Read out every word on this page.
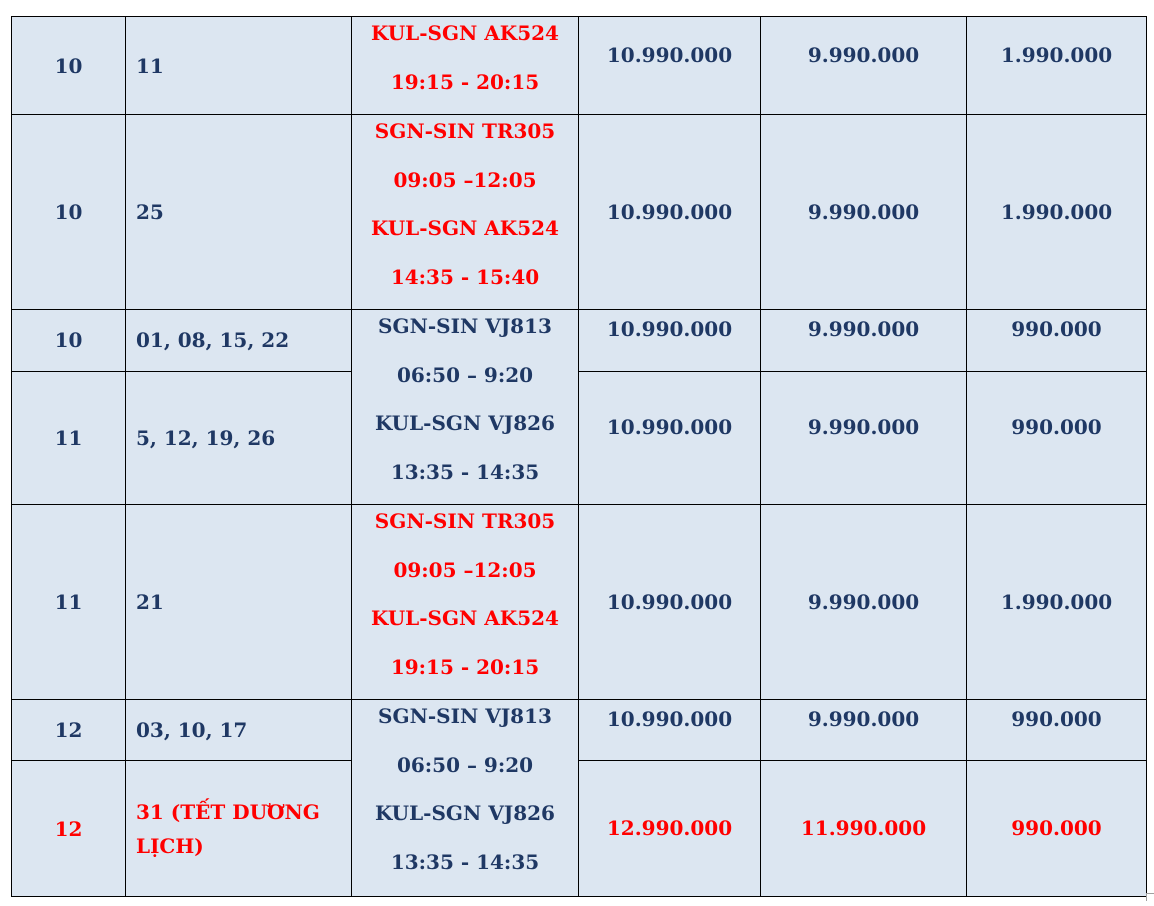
10	11	KUL-SGN AK524
19:15 - 20:15	10.990.000	9.990.000	1.990.000

10	25	SGN-SIN TR305
09:05 –12:05
KUL-SGN AK524
14:35 - 15:40	10.990.000	9.990.000	1.990.000

10	01, 08, 15, 22	SGN-SIN VJ813
06:50 – 9:20
KUL-SGN VJ826
13:35 - 14:35	10.990.000	9.990.000	990.000

11	5, 12, 19, 26		10.990.000	9.990.000	990.000

11	21	SGN-SIN TR305
09:05 –12:05
KUL-SGN AK524
19:15 - 20:15	10.990.000	9.990.000	1.990.000

12	03, 10, 17	SGN-SIN VJ813
06:50 – 9:20
KUL-SGN VJ826
13:35 - 14:35	10.990.000	9.990.000	990.000

12	31 (TẾT DƯƠNG LỊCH)		12.990.000	11.990.000	990.000
